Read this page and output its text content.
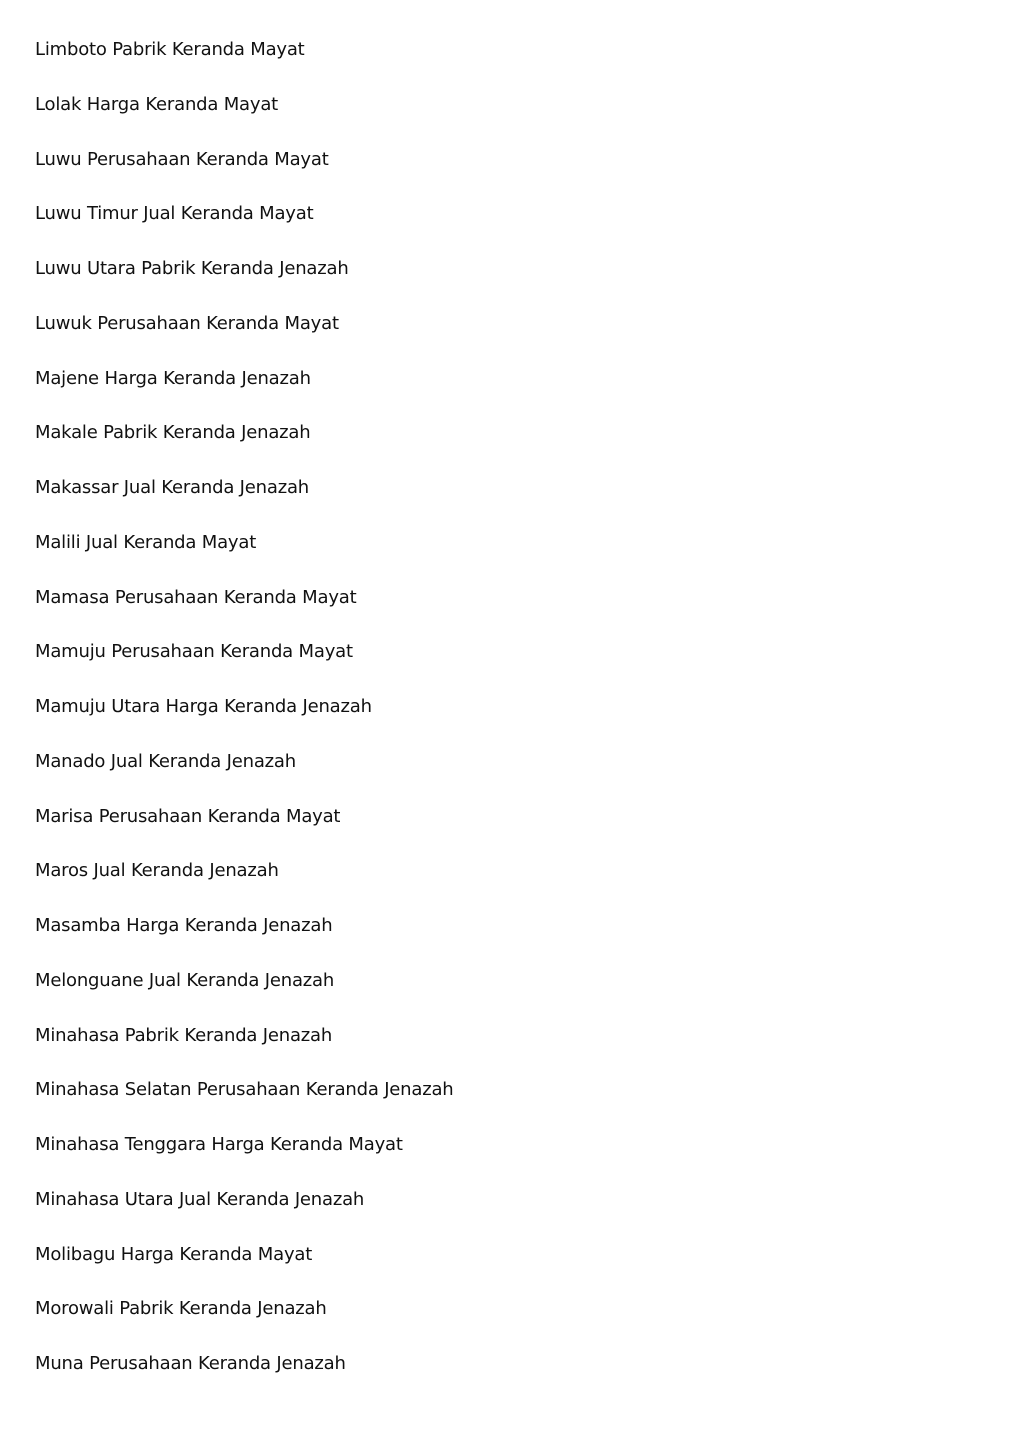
Limboto Pabrik Keranda Mayat
Lolak Harga Keranda Mayat
Luwu Perusahaan Keranda Mayat
Luwu Timur Jual Keranda Mayat
Luwu Utara Pabrik Keranda Jenazah
Luwuk Perusahaan Keranda Mayat
Majene Harga Keranda Jenazah
Makale Pabrik Keranda Jenazah
Makassar Jual Keranda Jenazah
Malili Jual Keranda Mayat
Mamasa Perusahaan Keranda Mayat
Mamuju Perusahaan Keranda Mayat
Mamuju Utara Harga Keranda Jenazah
Manado Jual Keranda Jenazah
Marisa Perusahaan Keranda Mayat
Maros Jual Keranda Jenazah
Masamba Harga Keranda Jenazah
Melonguane Jual Keranda Jenazah
Minahasa Pabrik Keranda Jenazah
Minahasa Selatan Perusahaan Keranda Jenazah
Minahasa Tenggara Harga Keranda Mayat
Minahasa Utara Jual Keranda Jenazah
Molibagu Harga Keranda Mayat
Morowali Pabrik Keranda Jenazah
Muna Perusahaan Keranda Jenazah
